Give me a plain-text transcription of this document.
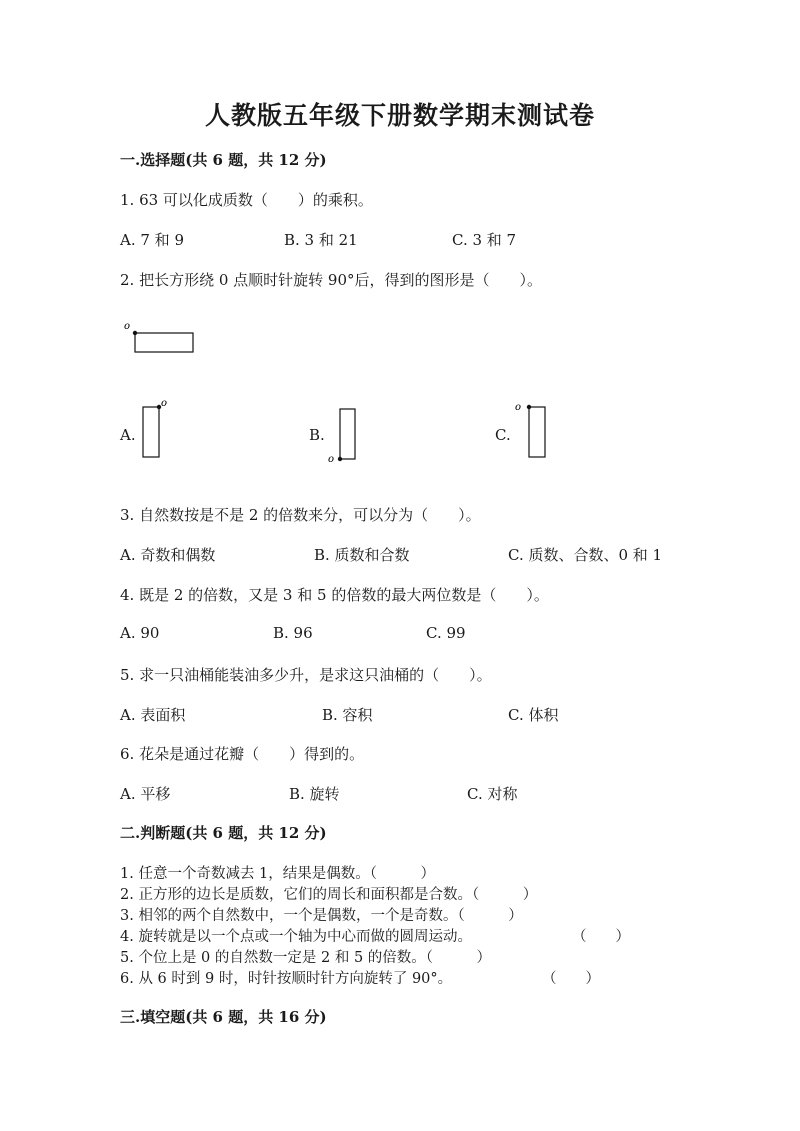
人教版五年级下册数学期末测试卷
一.选择题(共 6 题，共 12 分)
1. 63 可以化成质数（　　）的乘积。
A. 7 和 9	B. 3 和 21	C. 3 和 7
2. 把长方形绕 0 点顺时针旋转 90°后，得到的图形是（　　）。
o
A.
o
B.
o
C.
o
3. 自然数按是不是 2 的倍数来分，可以分为（　　）。
A. 奇数和偶数	B. 质数和合数	C. 质数、合数、0 和 1
4. 既是 2 的倍数，又是 3 和 5 的倍数的最大两位数是（　　）。
A. 90	B. 96	C. 99
5. 求一只油桶能装油多少升，是求这只油桶的（　　）。
A. 表面积	B. 容积	C. 体积
6. 花朵是通过花瓣（　　）得到的。
A. 平移	B. 旋转	C. 对称
二.判断题(共 6 题，共 12 分)
1. 任意一个奇数减去 1，结果是偶数。（　　　）
2. 正方形的边长是质数，它们的周长和面积都是合数。（　　　）
3. 相邻的两个自然数中，一个是偶数，一个是奇数。（　　　）
4. 旋转就是以一个点或一个轴为中心而做的圆周运动。	（　　）
5. 个位上是 0 的自然数一定是 2 和 5 的倍数。（　　　）
6. 从 6 时到 9 时，时针按顺时针方向旋转了 90°。	（　　）
三.填空题(共 6 题，共 16 分)
